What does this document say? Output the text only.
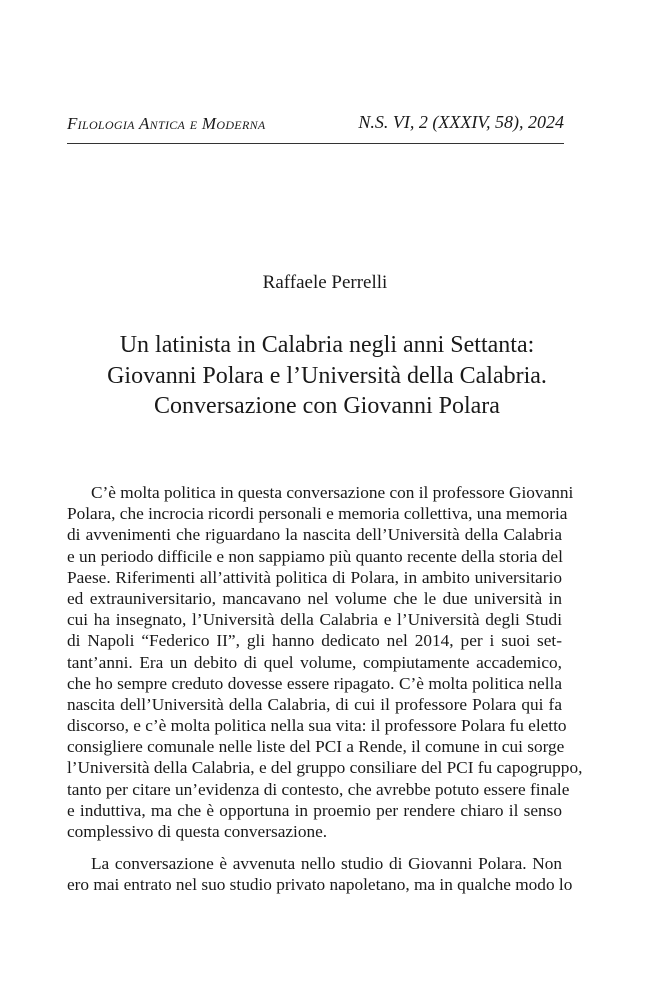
Filologia Antica e Moderna	N.S. VI, 2 (XXXIV, 58), 2024
Raffaele Perrelli
Un latinista in Calabria negli anni Settanta:
Giovanni Polara e l’Università della Calabria.
Conversazione con Giovanni Polara
C’è molta politica in questa conversazione con il professore Giovanni
Polara, che incrocia ricordi personali e memoria collettiva, una memoria
di avvenimenti che riguardano la nascita dell’Università della Calabria
e un periodo difficile e non sappiamo più quanto recente della storia del
Paese. Riferimenti all’attività politica di Polara, in ambito universitario
ed extrauniversitario, mancavano nel volume che le due università in
cui ha insegnato, l’Università della Calabria e l’Università degli Studi
di Napoli “Federico II”, gli hanno dedicato nel 2014, per i suoi set-
tant’anni. Era un debito di quel volume, compiutamente accademico,
che ho sempre creduto dovesse essere ripagato. C’è molta politica nella
nascita dell’Università della Calabria, di cui il professore Polara qui fa
discorso, e c’è molta politica nella sua vita: il professore Polara fu eletto
consigliere comunale nelle liste del PCI a Rende, il comune in cui sorge
l’Università della Calabria, e del gruppo consiliare del PCI fu capogruppo,
tanto per citare un’evidenza di contesto, che avrebbe potuto essere finale
e induttiva, ma che è opportuna in proemio per rendere chiaro il senso
complessivo di questa conversazione.
La conversazione è avvenuta nello studio di Giovanni Polara. Non
ero mai entrato nel suo studio privato napoletano, ma in qualche modo lo
